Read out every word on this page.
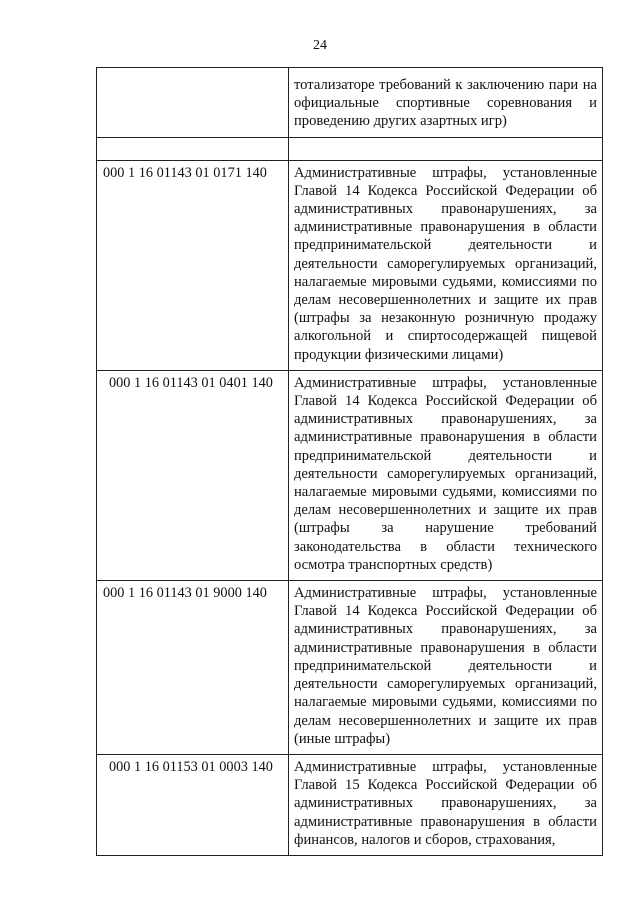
24
	тотализаторе требований к заключению пари на официальные спортивные соревнования и проведению других азартных игр)

000 1 16 01143 01 0171 140	Административные штрафы, установленные Главой 14 Кодекса Российской Федерации об административных правонарушениях, за административные правонарушения в области предпринимательской деятельности и деятельности саморегулируемых организаций, налагаемые мировыми судьями, комиссиями по делам несовершеннолетних и защите их прав (штрафы за незаконную розничную продажу алкогольной и спиртосодержащей пищевой продукции физическими лицами)
000 1 16 01143 01 0401 140	Административные штрафы, установленные Главой 14 Кодекса Российской Федерации об административных правонарушениях, за административные правонарушения в области предпринимательской деятельности и деятельности саморегулируемых организаций, налагаемые мировыми судьями, комиссиями по делам несовершеннолетних и защите их прав (штрафы за нарушение требований законодательства в области технического осмотра транспортных средств)
000 1 16 01143 01 9000 140	Административные штрафы, установленные Главой 14 Кодекса Российской Федерации об административных правонарушениях, за административные правонарушения в области предпринимательской деятельности и деятельности саморегулируемых организаций, налагаемые мировыми судьями, комиссиями по делам несовершеннолетних и защите их прав (иные штрафы)
000 1 16 01153 01 0003 140	Административные штрафы, установленные Главой 15 Кодекса Российской Федерации об административных правонарушениях, за административные правонарушения в области финансов, налогов и сборов, страхования,
